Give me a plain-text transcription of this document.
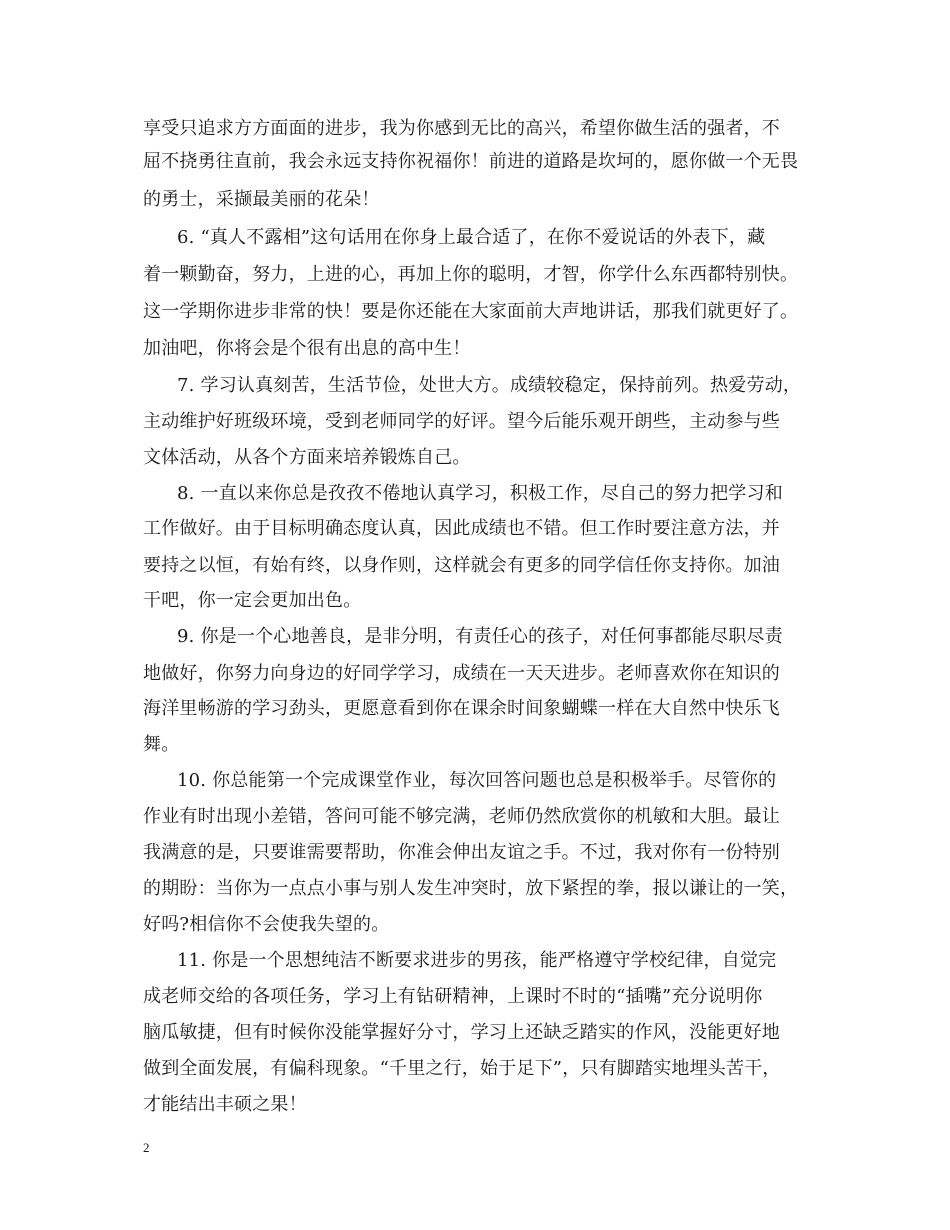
享受只追求方方面面的进步，我为你感到无比的高兴，希望你做生活的强者，不
屈不挠勇往直前，我会永远支持你祝福你！前进的道路是坎坷的，愿你做一个无畏
的勇士，采撷最美丽的花朵！
6. “真人不露相”这句话用在你身上最合适了，在你不爱说话的外表下，藏
着一颗勤奋，努力，上进的心，再加上你的聪明，才智，你学什么东西都特别快。
这一学期你进步非常的快！要是你还能在大家面前大声地讲话，那我们就更好了。
加油吧，你将会是个很有出息的高中生！
7. 学习认真刻苦，生活节俭，处世大方。成绩较稳定，保持前列。热爱劳动，
主动维护好班级环境，受到老师同学的好评。望今后能乐观开朗些，主动参与些
文体活动，从各个方面来培养锻炼自己。
8. 一直以来你总是孜孜不倦地认真学习，积极工作，尽自己的努力把学习和
工作做好。由于目标明确态度认真，因此成绩也不错。但工作时要注意方法，并
要持之以恒，有始有终，以身作则，这样就会有更多的同学信任你支持你。加油
干吧，你一定会更加出色。
9. 你是一个心地善良，是非分明，有责任心的孩子，对任何事都能尽职尽责
地做好，你努力向身边的好同学学习，成绩在一天天进步。老师喜欢你在知识的
海洋里畅游的学习劲头，更愿意看到你在课余时间象蝴蝶一样在大自然中快乐飞
舞。
10. 你总能第一个完成课堂作业，每次回答问题也总是积极举手。尽管你的
作业有时出现小差错，答问可能不够完满，老师仍然欣赏你的机敏和大胆。最让
我满意的是，只要谁需要帮助，你准会伸出友谊之手。不过，我对你有一份特别
的期盼：当你为一点点小事与别人发生冲突时，放下紧捏的拳，报以谦让的一笑，
好吗?相信你不会使我失望的。
11. 你是一个思想纯洁不断要求进步的男孩，能严格遵守学校纪律，自觉完
成老师交给的各项任务，学习上有钻研精神，上课时不时的“插嘴”充分说明你
脑瓜敏捷，但有时候你没能掌握好分寸，学习上还缺乏踏实的作风，没能更好地
做到全面发展，有偏科现象。“千里之行，始于足下”，只有脚踏实地埋头苦干，
才能结出丰硕之果！
2
